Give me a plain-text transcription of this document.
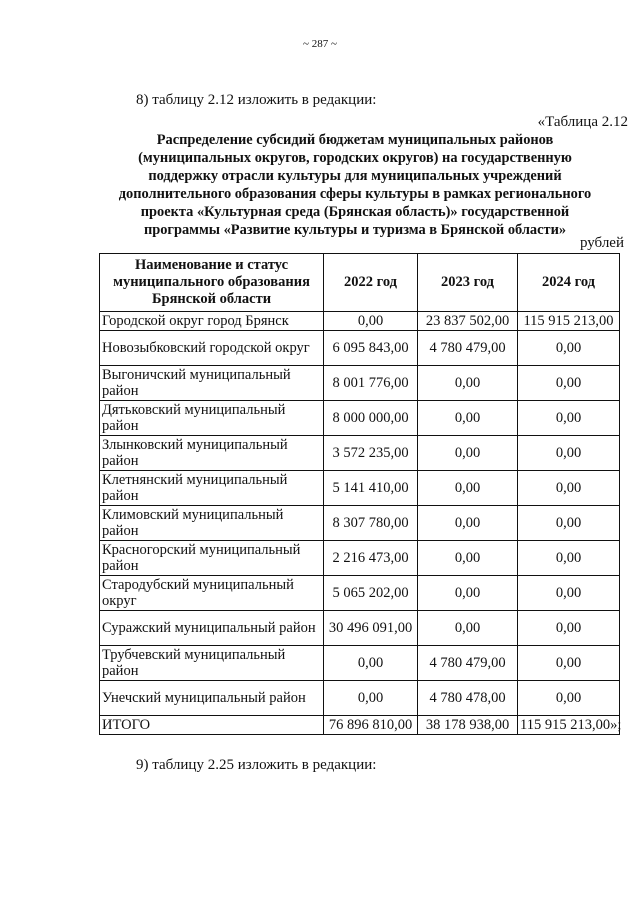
~ 287 ~
8) таблицу 2.12 изложить в редакции:
«Таблица 2.12
Распределение субсидий бюджетам муниципальных районов
(муниципальных округов, городских округов) на государственную
поддержку отрасли культуры для муниципальных учреждений
дополнительного образования сферы культуры в рамках регионального
проекта «Культурная среда (Брянская область)» государственной
программы «Развитие культуры и туризма в Брянской области»
рублей
Наименование и статус муниципального образования Брянской области	2022 год	2023 год	2024 год
Городской округ город Брянск	0,00	23 837 502,00	115 915 213,00
Новозыбковский городской округ	6 095 843,00	4 780 479,00	0,00
Выгоничский муниципальный район	8 001 776,00	0,00	0,00
Дятьковский муниципальный район	8 000 000,00	0,00	0,00
Злынковский муниципальный район	3 572 235,00	0,00	0,00
Клетнянский муниципальный район	5 141 410,00	0,00	0,00
Климовский муниципальный район	8 307 780,00	0,00	0,00
Красногорский муниципальный район	2 216 473,00	0,00	0,00
Стародубский муниципальный округ	5 065 202,00	0,00	0,00
Суражский муниципальный район	30 496 091,00	0,00	0,00
Трубчевский муниципальный район	0,00	4 780 479,00	0,00
Унечский муниципальный район	0,00	4 780 478,00	0,00
ИТОГО	76 896 810,00	38 178 938,00	115 915 213,00»;
9) таблицу 2.25 изложить в редакции:
